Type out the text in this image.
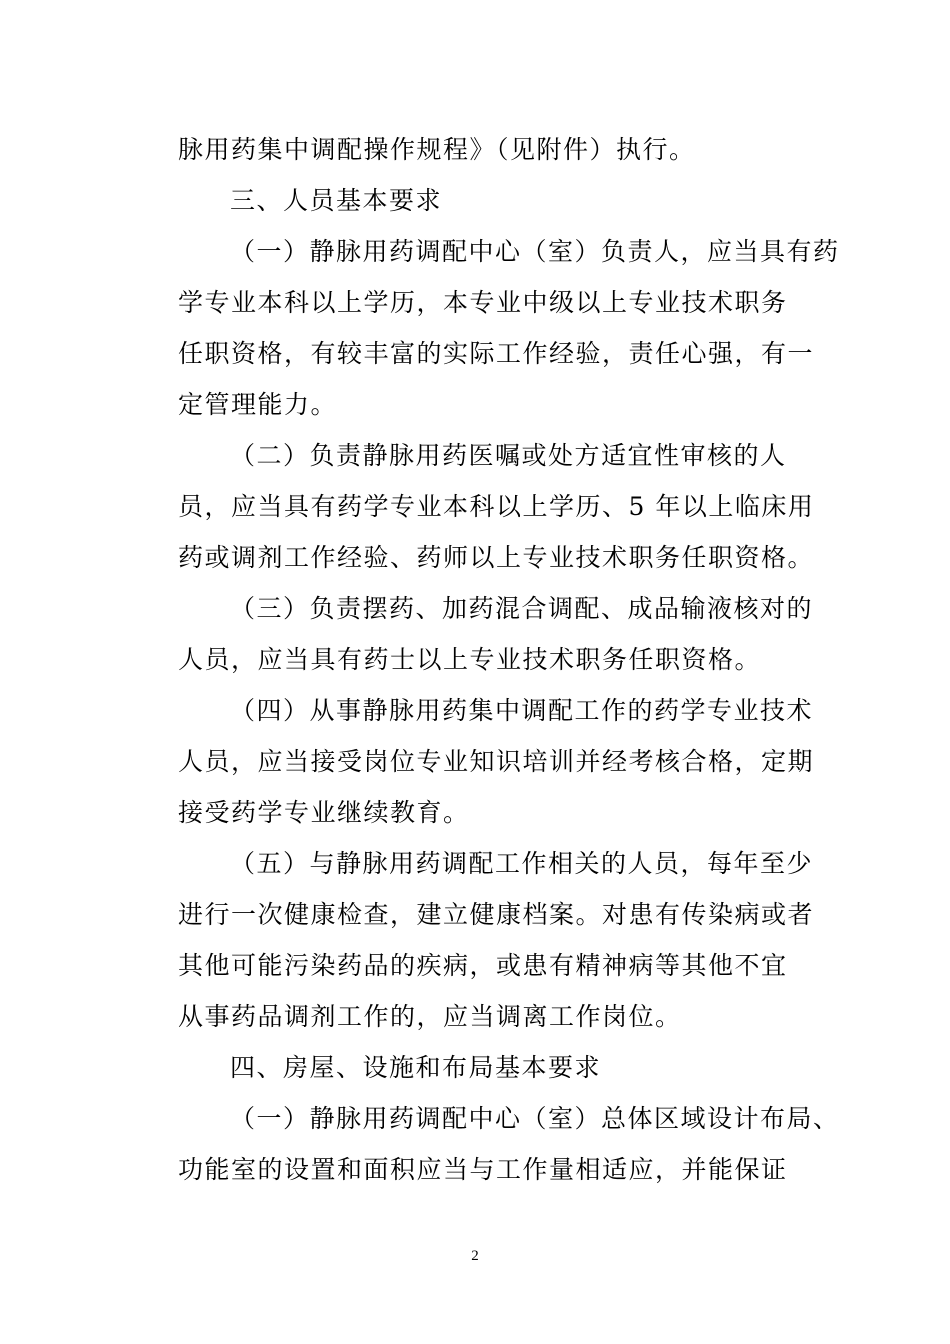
脉用药集中调配操作规程》（见附件）执行。
三、人员基本要求
（一）静脉用药调配中心（室）负责人，应当具有药
学专业本科以上学历，本专业中级以上专业技术职务
任职资格，有较丰富的实际工作经验，责任心强，有一
定管理能力。
（二）负责静脉用药医嘱或处方适宜性审核的人
员，应当具有药学专业本科以上学历、5 年以上临床用
药或调剂工作经验、药师以上专业技术职务任职资格。
（三）负责摆药、加药混合调配、成品输液核对的
人员，应当具有药士以上专业技术职务任职资格。
（四）从事静脉用药集中调配工作的药学专业技术
人员，应当接受岗位专业知识培训并经考核合格，定期
接受药学专业继续教育。
（五）与静脉用药调配工作相关的人员，每年至少
进行一次健康检查，建立健康档案。对患有传染病或者
其他可能污染药品的疾病，或患有精神病等其他不宜
从事药品调剂工作的，应当调离工作岗位。
四、房屋、设施和布局基本要求
（一）静脉用药调配中心（室）总体区域设计布局、
功能室的设置和面积应当与工作量相适应，并能保证
2
